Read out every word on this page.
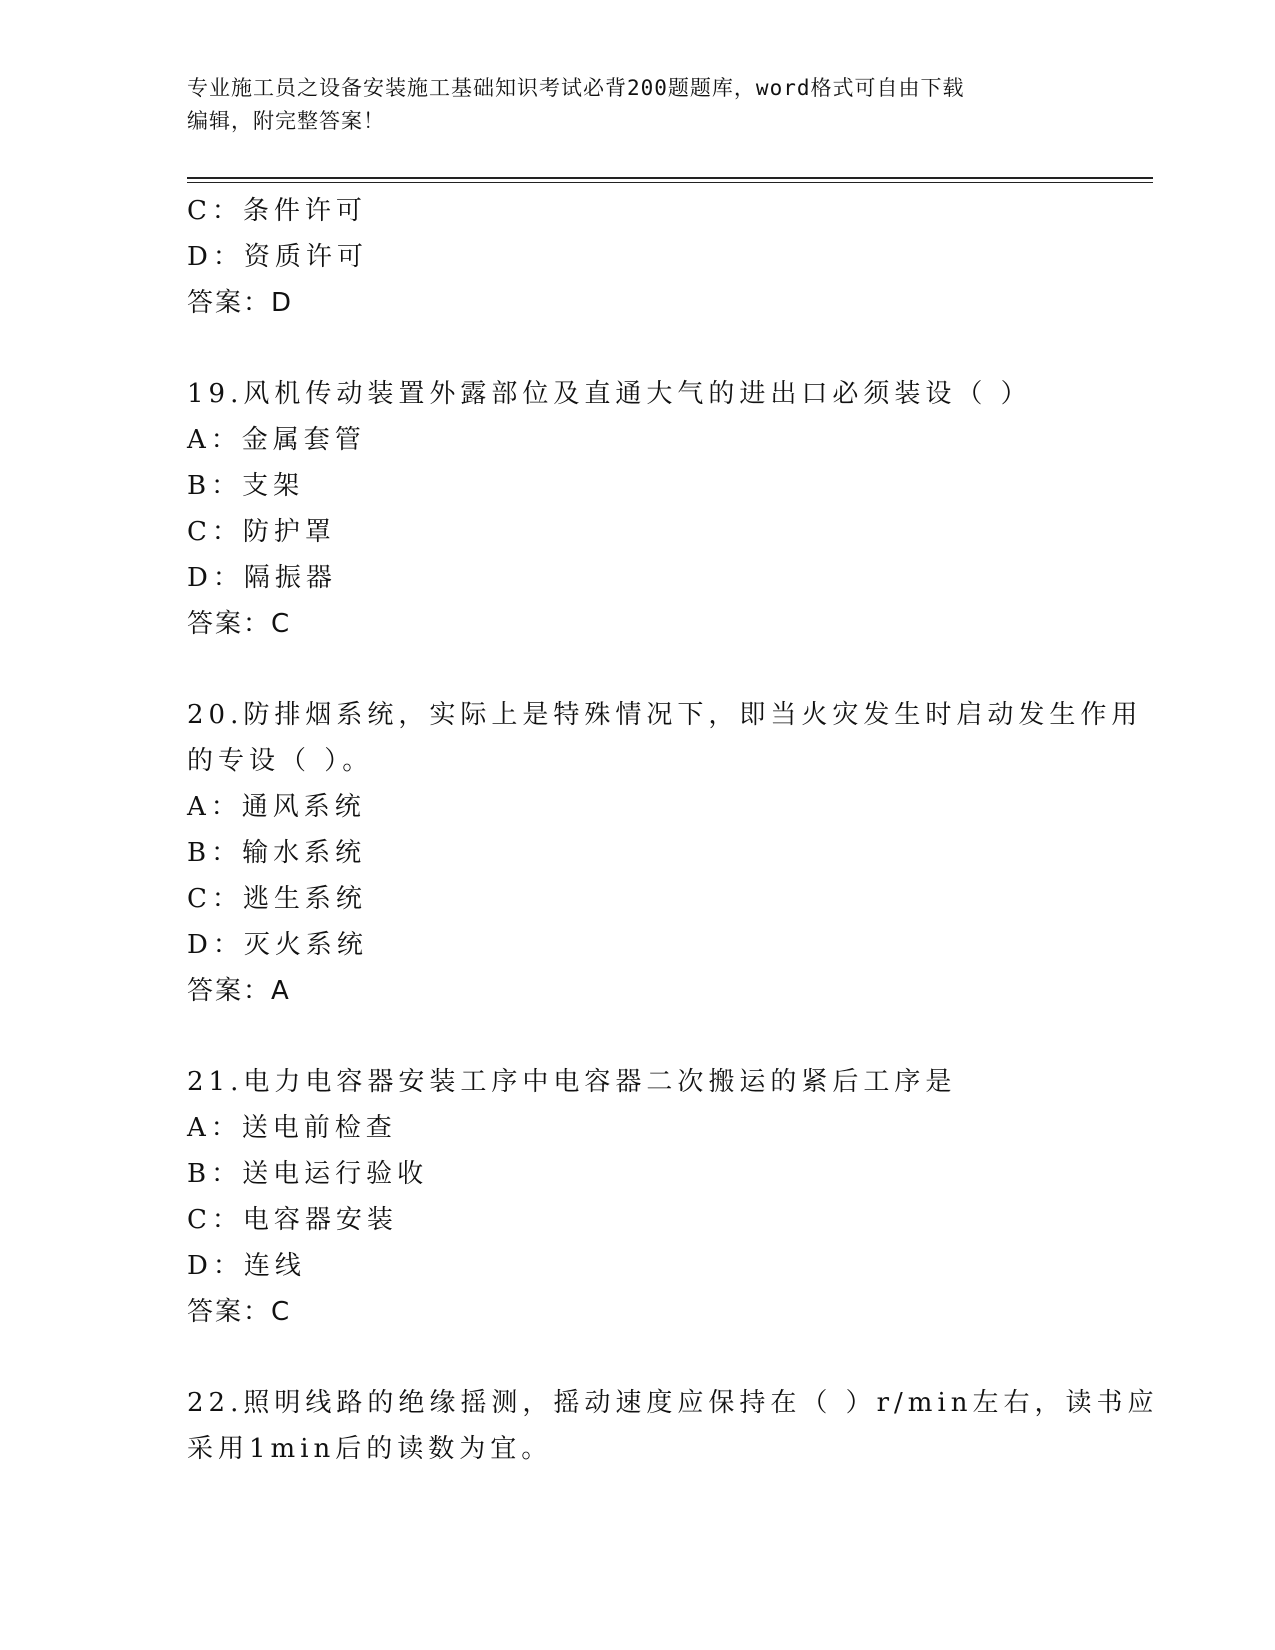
专业施工员之设备安装施工基础知识考试必背200题题库，word格式可自由下载
编辑，附完整答案！
C：条件许可
D：资质许可
答案：D
19.风机传动装置外露部位及直通大气的进出口必须装设（ ）
A：金属套管
B：支架
C：防护罩
D：隔振器
答案：C
20.防排烟系统，实际上是特殊情况下，即当火灾发生时启动发生作用
的专设（ ）。
A：通风系统
B：输水系统
C：逃生系统
D：灭火系统
答案：A
21.电力电容器安装工序中电容器二次搬运的紧后工序是
A：送电前检查
B：送电运行验收
C：电容器安装
D：连线
答案：C
22.照明线路的绝缘摇测，摇动速度应保持在（ ）r/min左右，读书应
采用1min后的读数为宜。
